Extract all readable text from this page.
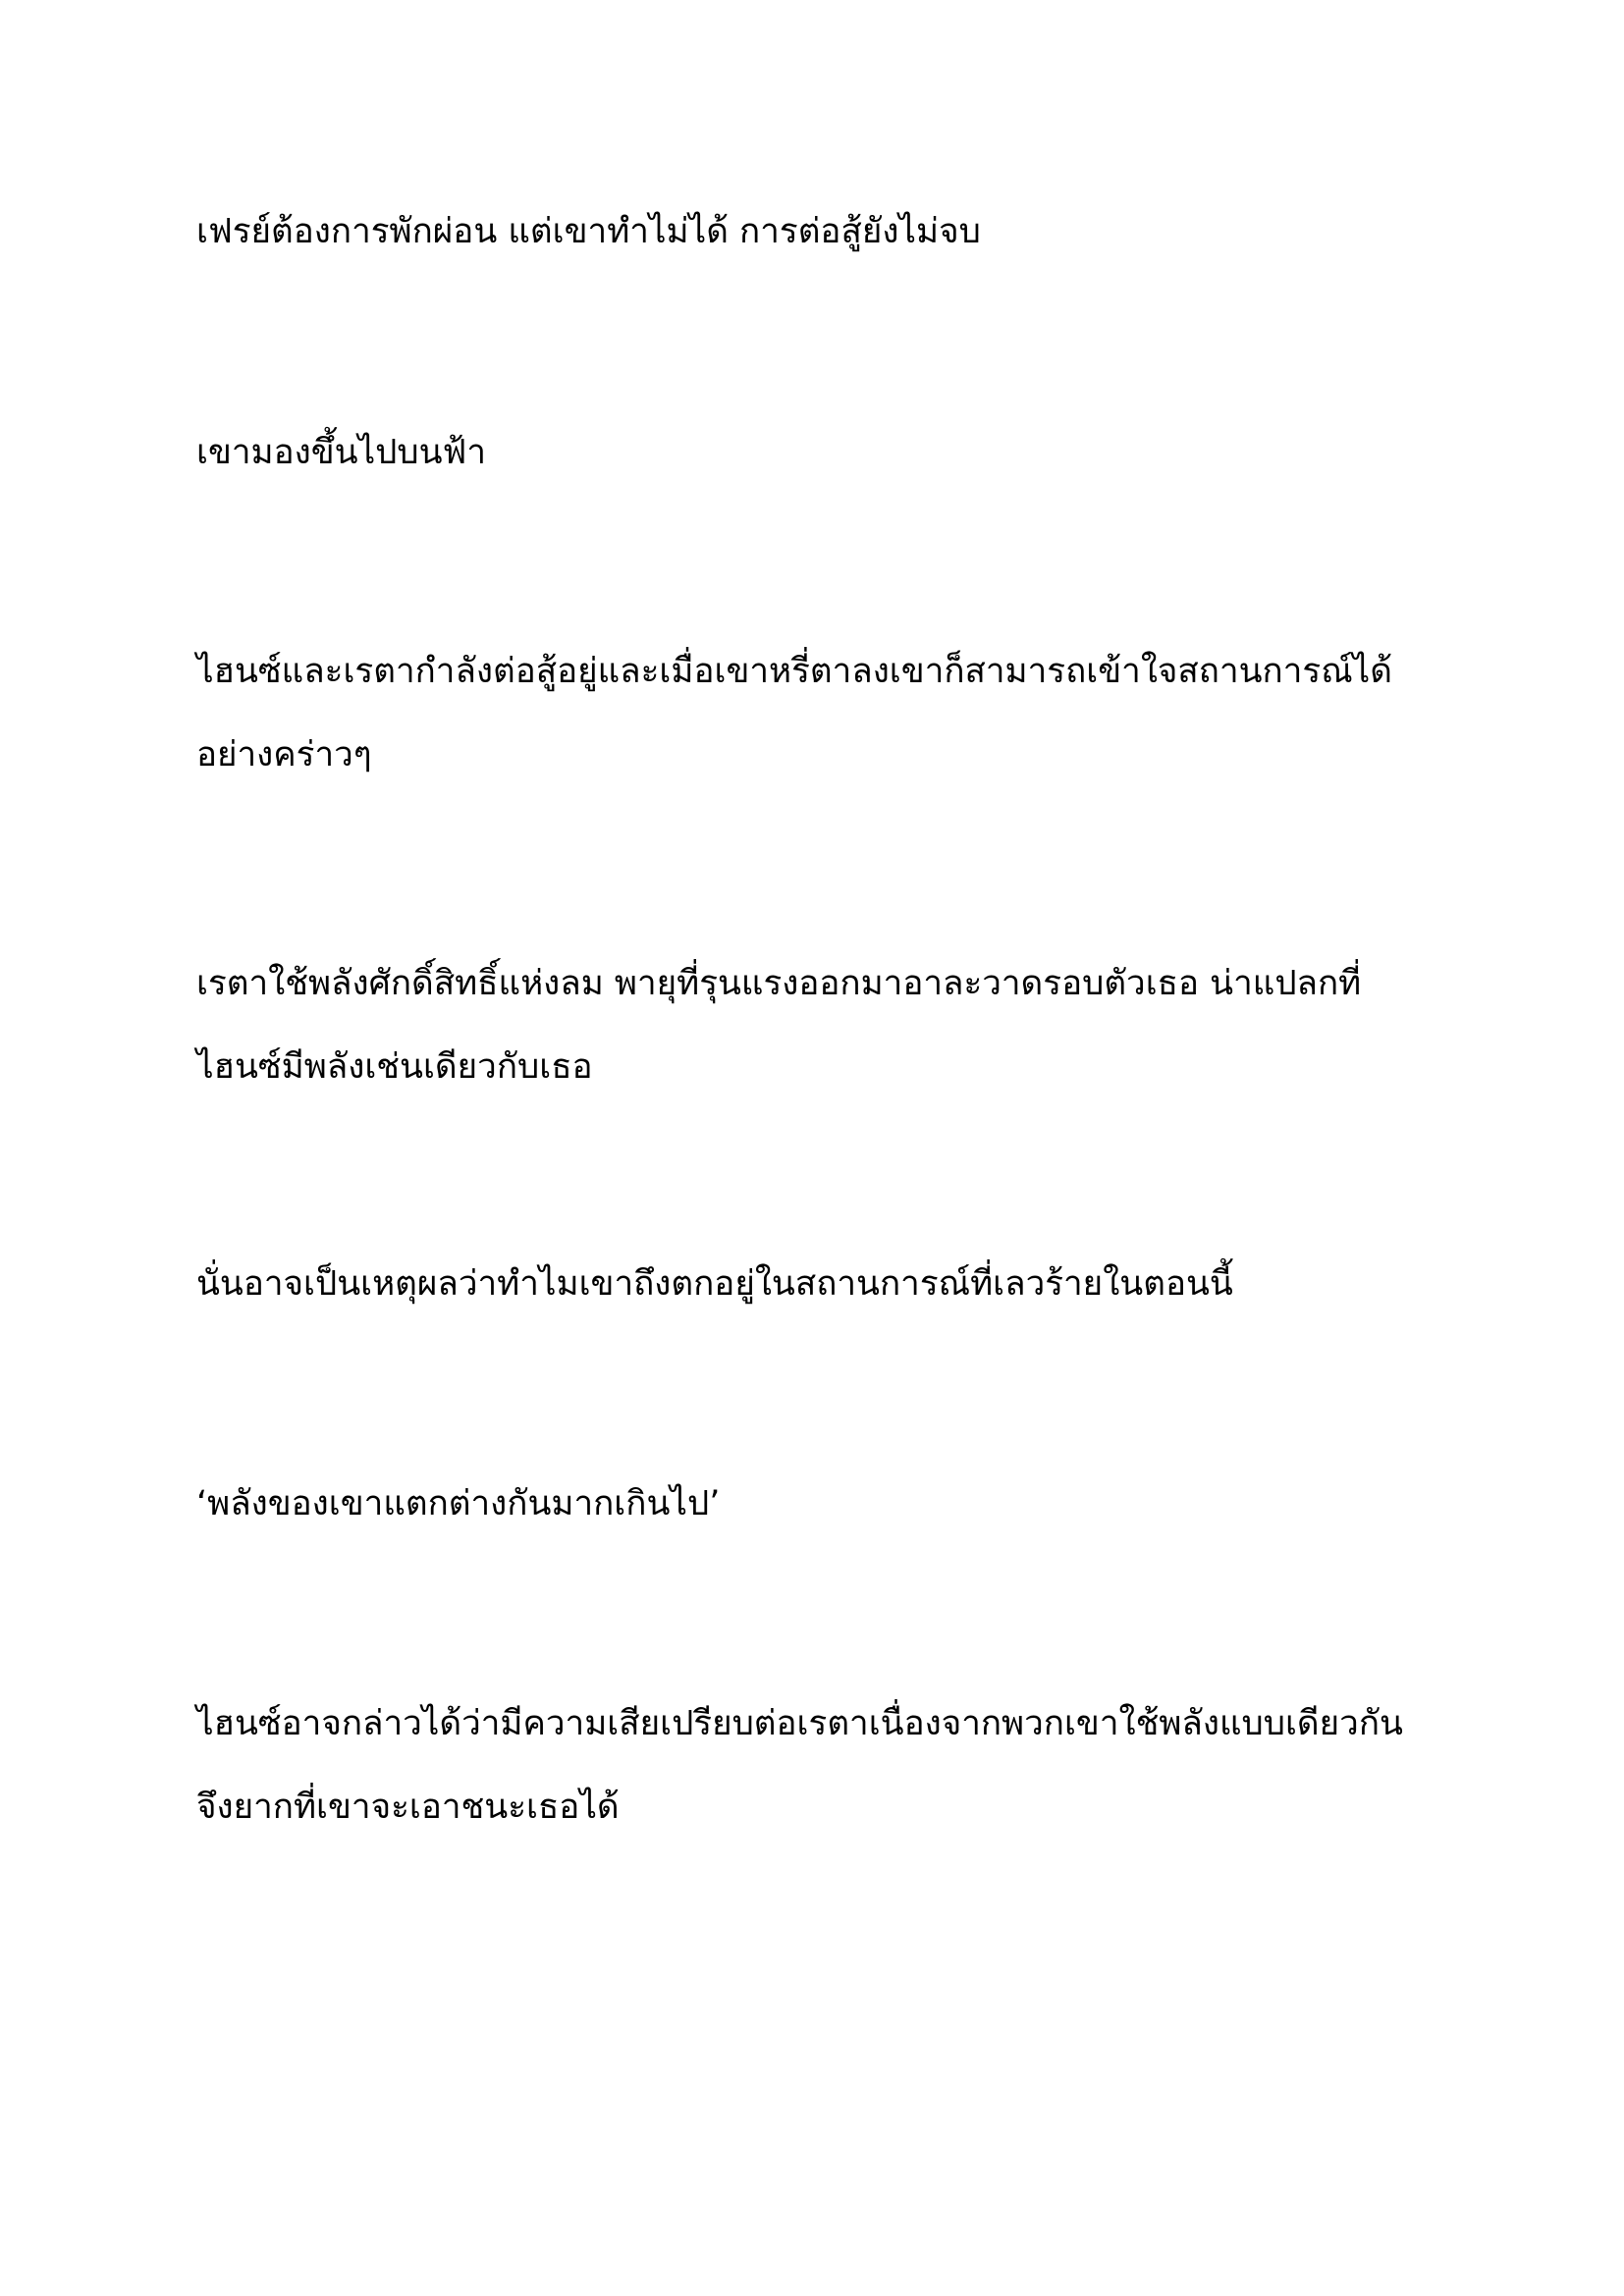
เฟรย์ต้องการพักผ่อน แต่เขาทำไม่ได้ การต่อสู้ยังไม่จบ

เขามองขึ้นไปบนฟ้า

ไฮนซ์และเรตากำลังต่อสู้อยู่และเมื่อเขาหรี่ตาลงเขาก็สามารถเข้าใจสถานการณ์ได้
อย่างคร่าวๆ

เรตาใช้พลังศักดิ์สิทธิ์แห่งลม พายุที่รุนแรงออกมาอาละวาดรอบตัวเธอ น่าแปลกที่
ไฮนซ์มีพลังเช่นเดียวกับเธอ

นั่นอาจเป็นเหตุผลว่าทำไมเขาถึงตกอยู่ในสถานการณ์ที่เลวร้ายในตอนนี้

‘พลังของเขาแตกต่างกันมากเกินไป’

ไฮนซ์อาจกล่าวได้ว่ามีความเสียเปรียบต่อเรตาเนื่องจากพวกเขาใช้พลังแบบเดียวกัน
จึงยากที่เขาจะเอาชนะเธอได้
